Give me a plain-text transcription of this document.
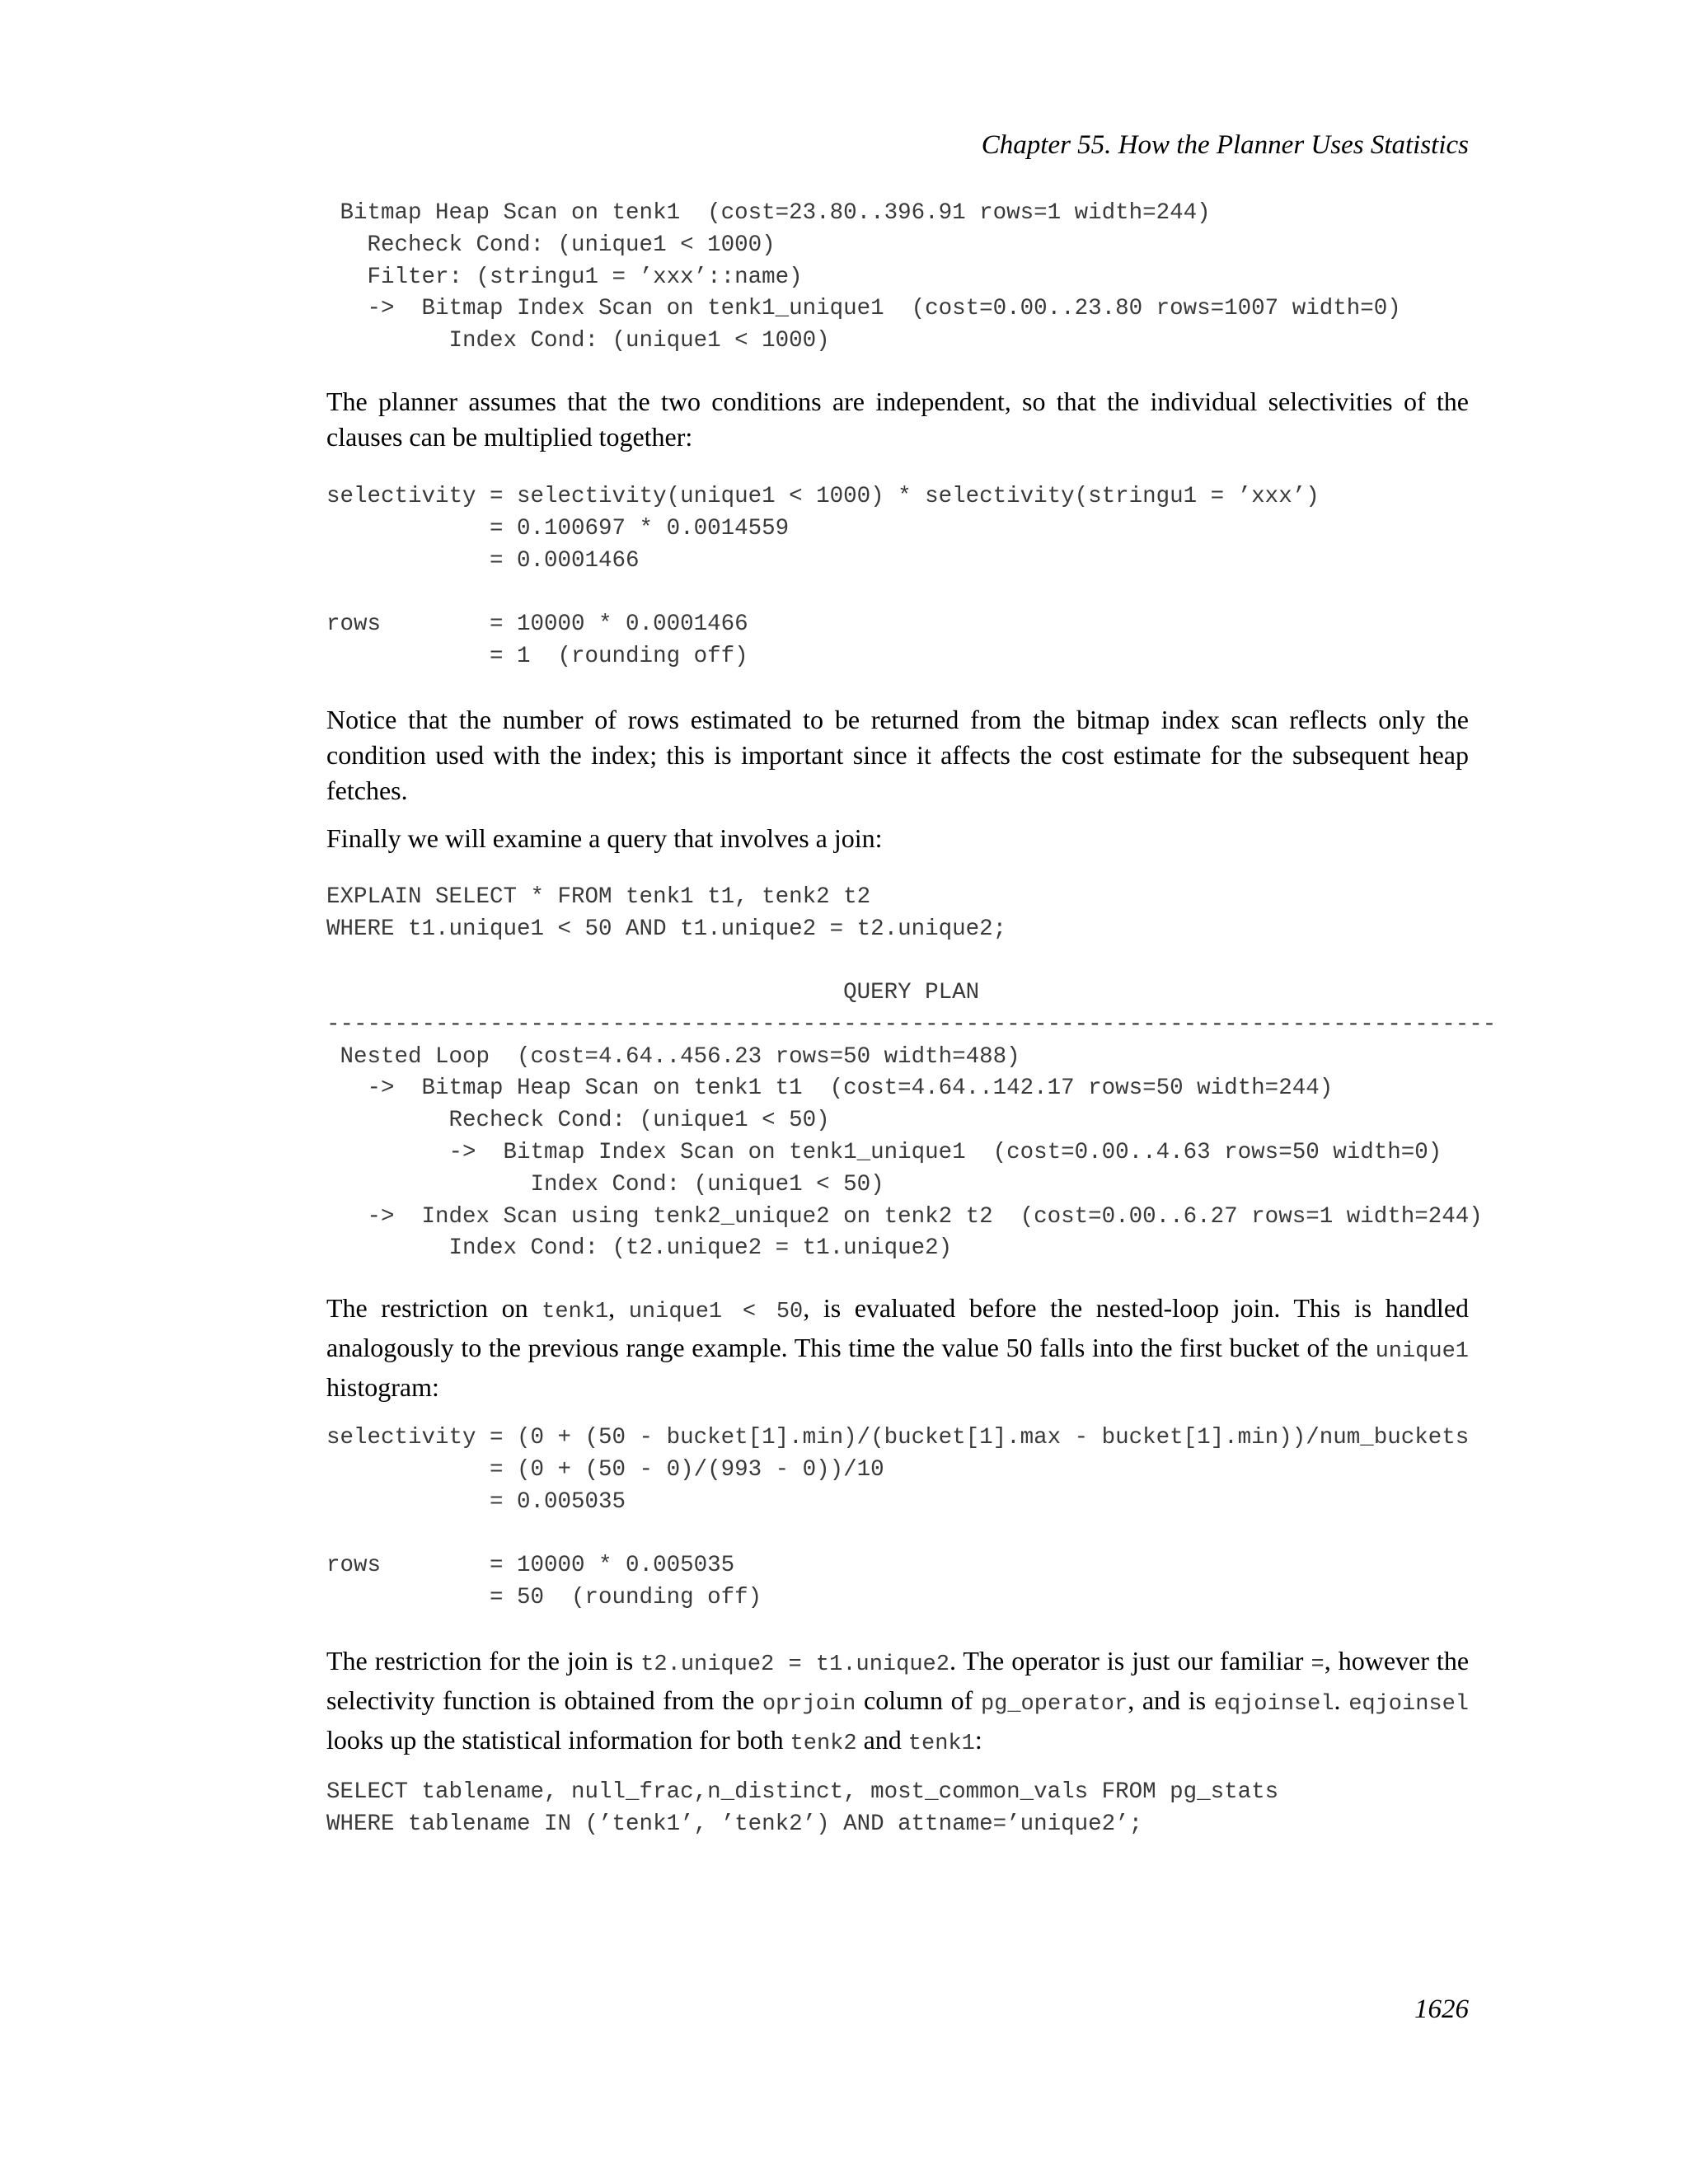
Chapter 55. How the Planner Uses Statistics
Bitmap Heap Scan on tenk1  (cost=23.80..396.91 rows=1 width=244)
Recheck Cond: (unique1 < 1000)
Filter: (stringu1 = ’xxx’::name)
->  Bitmap Index Scan on tenk1_unique1  (cost=0.00..23.80 rows=1007 width=0)
Index Cond: (unique1 < 1000)

The planner assumes that the two conditions are independent, so that the individual selectivities of the clauses can be multiplied together:

selectivity = selectivity(unique1 < 1000) * selectivity(stringu1 = ’xxx’)
= 0.100697 * 0.0014559
= 0.0001466

rows        = 10000 * 0.0001466
= 1  (rounding off)

Notice that the number of rows estimated to be returned from the bitmap index scan reflects only the condition used with the index; this is important since it affects the cost estimate for the subsequent heap fetches.

Finally we will examine a query that involves a join:

EXPLAIN SELECT * FROM tenk1 t1, tenk2 t2
WHERE t1.unique1 < 50 AND t1.unique2 = t2.unique2;
QUERY PLAN
--------------------------------------------------------------------------------------
Nested Loop  (cost=4.64..456.23 rows=50 width=488)
->  Bitmap Heap Scan on tenk1 t1  (cost=4.64..142.17 rows=50 width=244)
Recheck Cond: (unique1 < 50)
->  Bitmap Index Scan on tenk1_unique1  (cost=0.00..4.63 rows=50 width=0)
Index Cond: (unique1 < 50)
->  Index Scan using tenk2_unique2 on tenk2 t2  (cost=0.00..6.27 rows=1 width=244)
Index Cond: (t2.unique2 = t1.unique2)

The restriction on tenk1, unique1 < 50, is evaluated before the nested-loop join. This is handled analogously to the previous range example. This time the value 50 falls into the first bucket of the unique1 histogram:

selectivity = (0 + (50 - bucket[1].min)/(bucket[1].max - bucket[1].min))/num_buckets
= (0 + (50 - 0)/(993 - 0))/10
= 0.005035

rows        = 10000 * 0.005035
= 50  (rounding off)

The restriction for the join is t2.unique2 = t1.unique2. The operator is just our familiar =, however the selectivity function is obtained from the oprjoin column of pg_operator, and is eqjoinsel. eqjoinsel looks up the statistical information for both tenk2 and tenk1:

SELECT tablename, null_frac,n_distinct, most_common_vals FROM pg_stats
WHERE tablename IN (’tenk1’, ’tenk2’) AND attname=’unique2’;
1626
